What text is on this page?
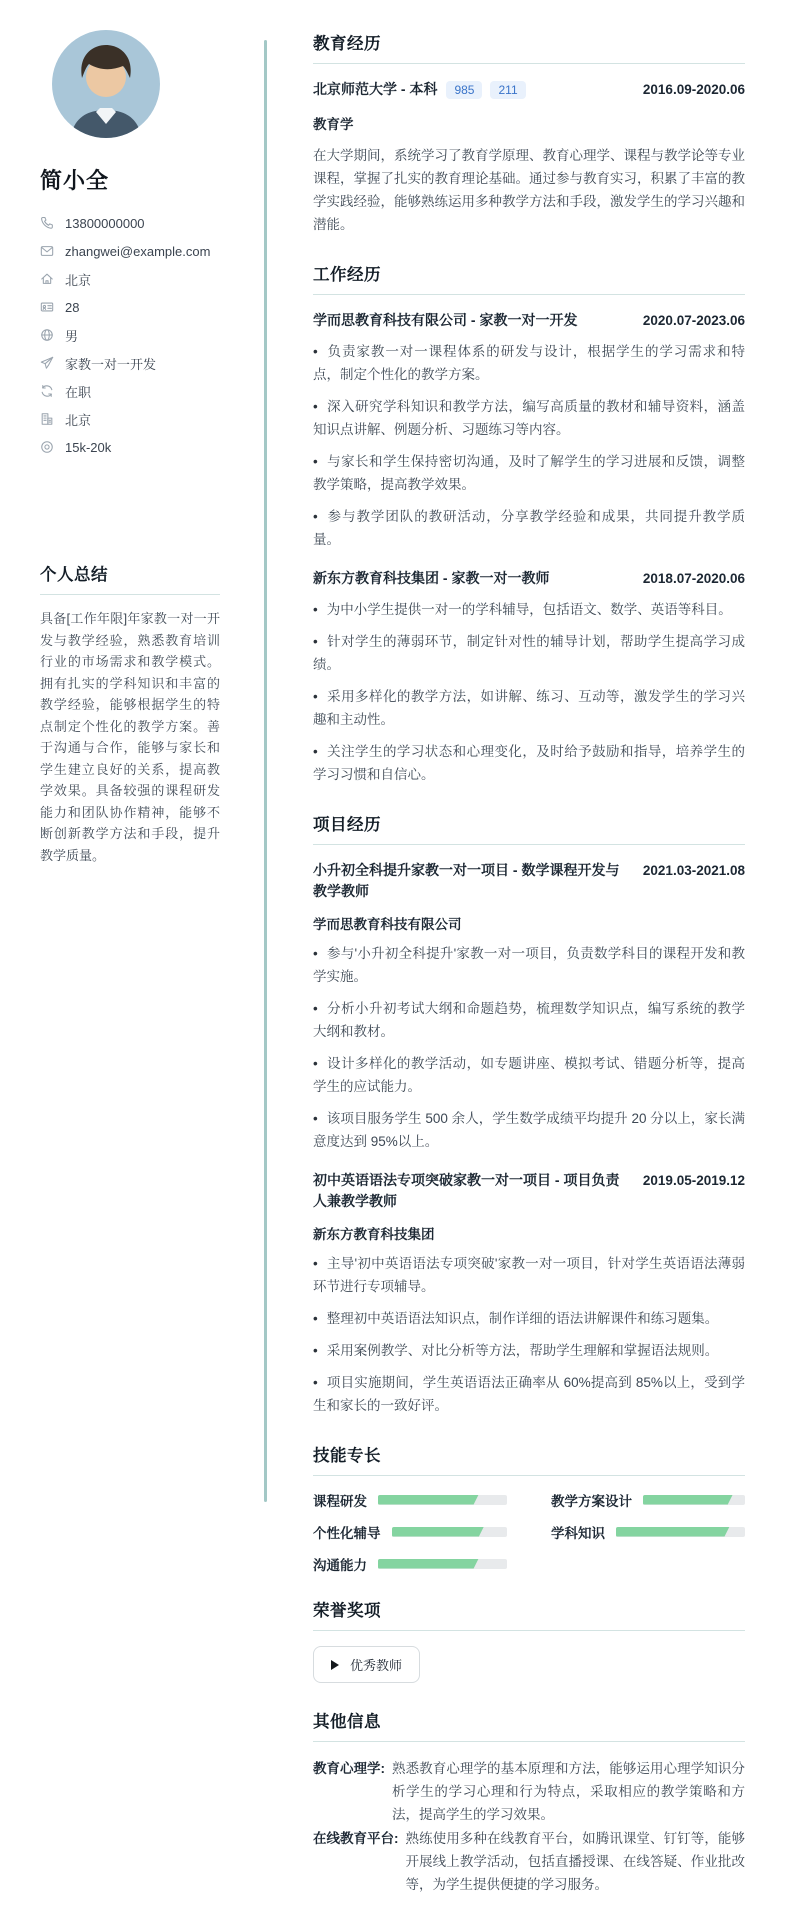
简小全
13800000000
zhangwei@example.com
北京
28
男
家教一对一开发
在职
北京
15k-20k
个人总结
具备[工作年限]年家教一对一开发与教学经验，熟悉教育培训行业的市场需求和教学模式。拥有扎实的学科知识和丰富的教学经验，能够根据学生的特点制定个性化的教学方案。善于沟通与合作，能够与家长和学生建立良好的关系，提高教学效果。具备较强的课程研发能力和团队协作精神，能够不断创新教学方法和手段，提升教学质量。
教育经历
北京师范大学 - 本科	985	211	2016.09-2020.06
教育学
在大学期间，系统学习了教育学原理、教育心理学、课程与教学论等专业课程，掌握了扎实的教育理论基础。通过参与教育实习，积累了丰富的教学实践经验，能够熟练运用多种教学方法和手段，激发学生的学习兴趣和潜能。
工作经历
学而思教育科技有限公司 - 家教一对一开发	2020.07-2023.06

• 负责家教一对一课程体系的研发与设计，根据学生的学习需求和特点，制定个性化的教学方案。

• 深入研究学科知识和教学方法，编写高质量的教材和辅导资料，涵盖知识点讲解、例题分析、习题练习等内容。

• 与家长和学生保持密切沟通，及时了解学生的学习进展和反馈，调整教学策略，提高教学效果。

• 参与教学团队的教研活动，分享教学经验和成果，共同提升教学质量。

新东方教育科技集团 - 家教一对一教师	2018.07-2020.06

• 为中小学生提供一对一的学科辅导，包括语文、数学、英语等科目。

• 针对学生的薄弱环节，制定针对性的辅导计划，帮助学生提高学习成绩。

• 采用多样化的教学方法，如讲解、练习、互动等，激发学生的学习兴趣和主动性。

• 关注学生的学习状态和心理变化，及时给予鼓励和指导，培养学生的学习习惯和自信心。

项目经历
小升初全科提升家教一对一项目 - 数学课程开发与教学教师
2021.03-2021.08
学而思教育科技有限公司

• 参与'小升初全科提升'家教一对一项目，负责数学科目的课程开发和教学实施。

• 分析小升初考试大纲和命题趋势，梳理数学知识点，编写系统的教学大纲和教材。

• 设计多样化的教学活动，如专题讲座、模拟考试、错题分析等，提高学生的应试能力。

• 该项目服务学生 500 余人，学生数学成绩平均提升 20 分以上，家长满意度达到 95%以上。

初中英语语法专项突破家教一对一项目 - 项目负责人兼教学教师
2019.05-2019.12
新东方教育科技集团

• 主导'初中英语语法专项突破'家教一对一项目，针对学生英语语法薄弱环节进行专项辅导。

• 整理初中英语语法知识点，制作详细的语法讲解课件和练习题集。

• 采用案例教学、对比分析等方法，帮助学生理解和掌握语法规则。

• 项目实施期间，学生英语语法正确率从 60%提高到 85%以上，受到学生和家长的一致好评。

技能专长
课程研发	教学方案设计
个性化辅导	学科知识
沟通能力
荣誉奖项
优秀教师
其他信息
教育心理学: 熟悉教育心理学的基本原理和方法，能够运用心理学知识分析学生的学习心理和行为特点，采取相应的教学策略和方法，提高学生的学习效果。
在线教育平台: 熟练使用多种在线教育平台，如腾讯课堂、钉钉等，能够开展线上教学活动，包括直播授课、在线答疑、作业批改等，为学生提供便捷的学习服务。
